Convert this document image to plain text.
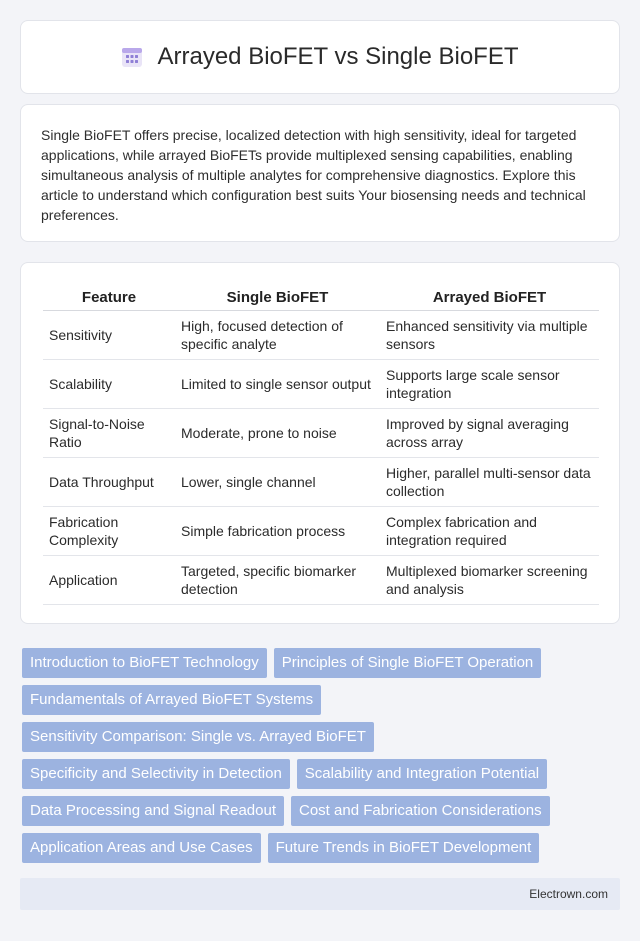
Arrayed BioFET vs Single BioFET

Single BioFET offers precise, localized detection with high sensitivity, ideal for targeted applications, while arrayed BioFETs provide multiplexed sensing capabilities, enabling simultaneous analysis of multiple analytes for comprehensive diagnostics. Explore this article to understand which configuration best suits Your biosensing needs and technical preferences.

Feature	Single BioFET	Arrayed BioFET
Sensitivity	High, focused detection of specific analyte	Enhanced sensitivity via multiple sensors
Scalability	Limited to single sensor output	Supports large scale sensor integration
Signal-to-Noise Ratio	Moderate, prone to noise	Improved by signal averaging across array
Data Throughput	Lower, single channel	Higher, parallel multi-sensor data collection
Fabrication Complexity	Simple fabrication process	Complex fabrication and integration required
Application	Targeted, specific biomarker detection	Multiplexed biomarker screening and analysis
Introduction to BioFET Technology	Principles of Single BioFET Operation
Fundamentals of Arrayed BioFET Systems
Sensitivity Comparison: Single vs. Arrayed BioFET
Specificity and Selectivity in Detection	Scalability and Integration Potential
Data Processing and Signal Readout	Cost and Fabrication Considerations
Application Areas and Use Cases	Future Trends in BioFET Development
Electrown.com
